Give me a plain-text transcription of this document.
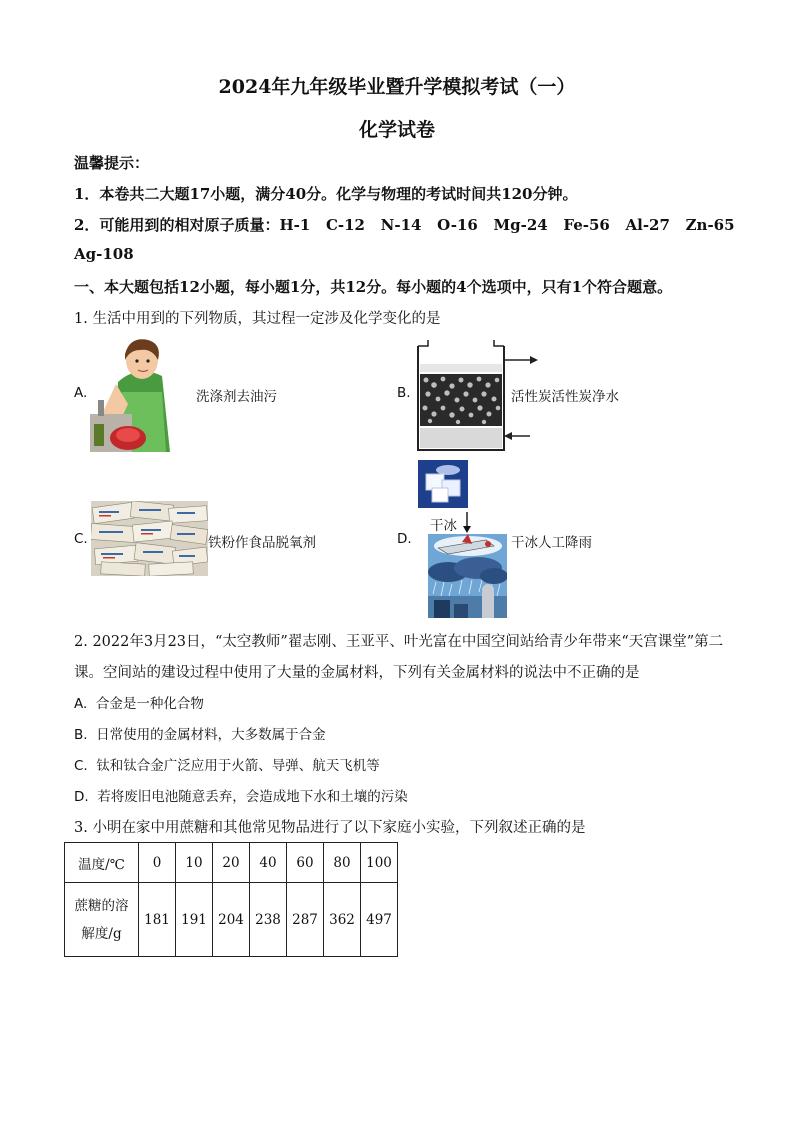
2024年九年级毕业暨升学模拟考试（一）
化学试卷
温馨提示：
1．本卷共二大题17小题，满分40分。化学与物理的考试时间共120分钟。
2．可能用到的相对原子质量：H-1   C-12   N-14   O-16   Mg-24   Fe-56   Al-27   Zn-65
Ag-108
一、本大题包括12小题，每小题1分，共12分。每小题的4个选项中，只有1个符合题意。
1. 生活中用到的下列物质，其过程一定涉及化学变化的是
A.	洗涤剂去油污	B.	活性炭活性炭净水
干冰
C.	铁粉作食品脱氧剂	D.	干冰人工降雨
2. 2022年3月23日，“太空教师”翟志刚、王亚平、叶光富在中国空间站给青少年带来“天宫课堂”第二
课。空间站的建设过程中使用了大量的金属材料，下列有关金属材料的说法中不正确的是
A.  合金是一种化合物
B.  日常使用的金属材料，大多数属于合金
C.  钛和钛合金广泛应用于火箭、导弹、航天飞机等
D.  若将废旧电池随意丢弃，会造成地下水和土壤的污染
3. 小明在家中用蔗糖和其他常见物品进行了以下家庭小实验，下列叙述正确的是
温度/℃	0	10	20	40	60	80	100

蔗糖的溶
解度/g	181	191	204	238	287	362	497
